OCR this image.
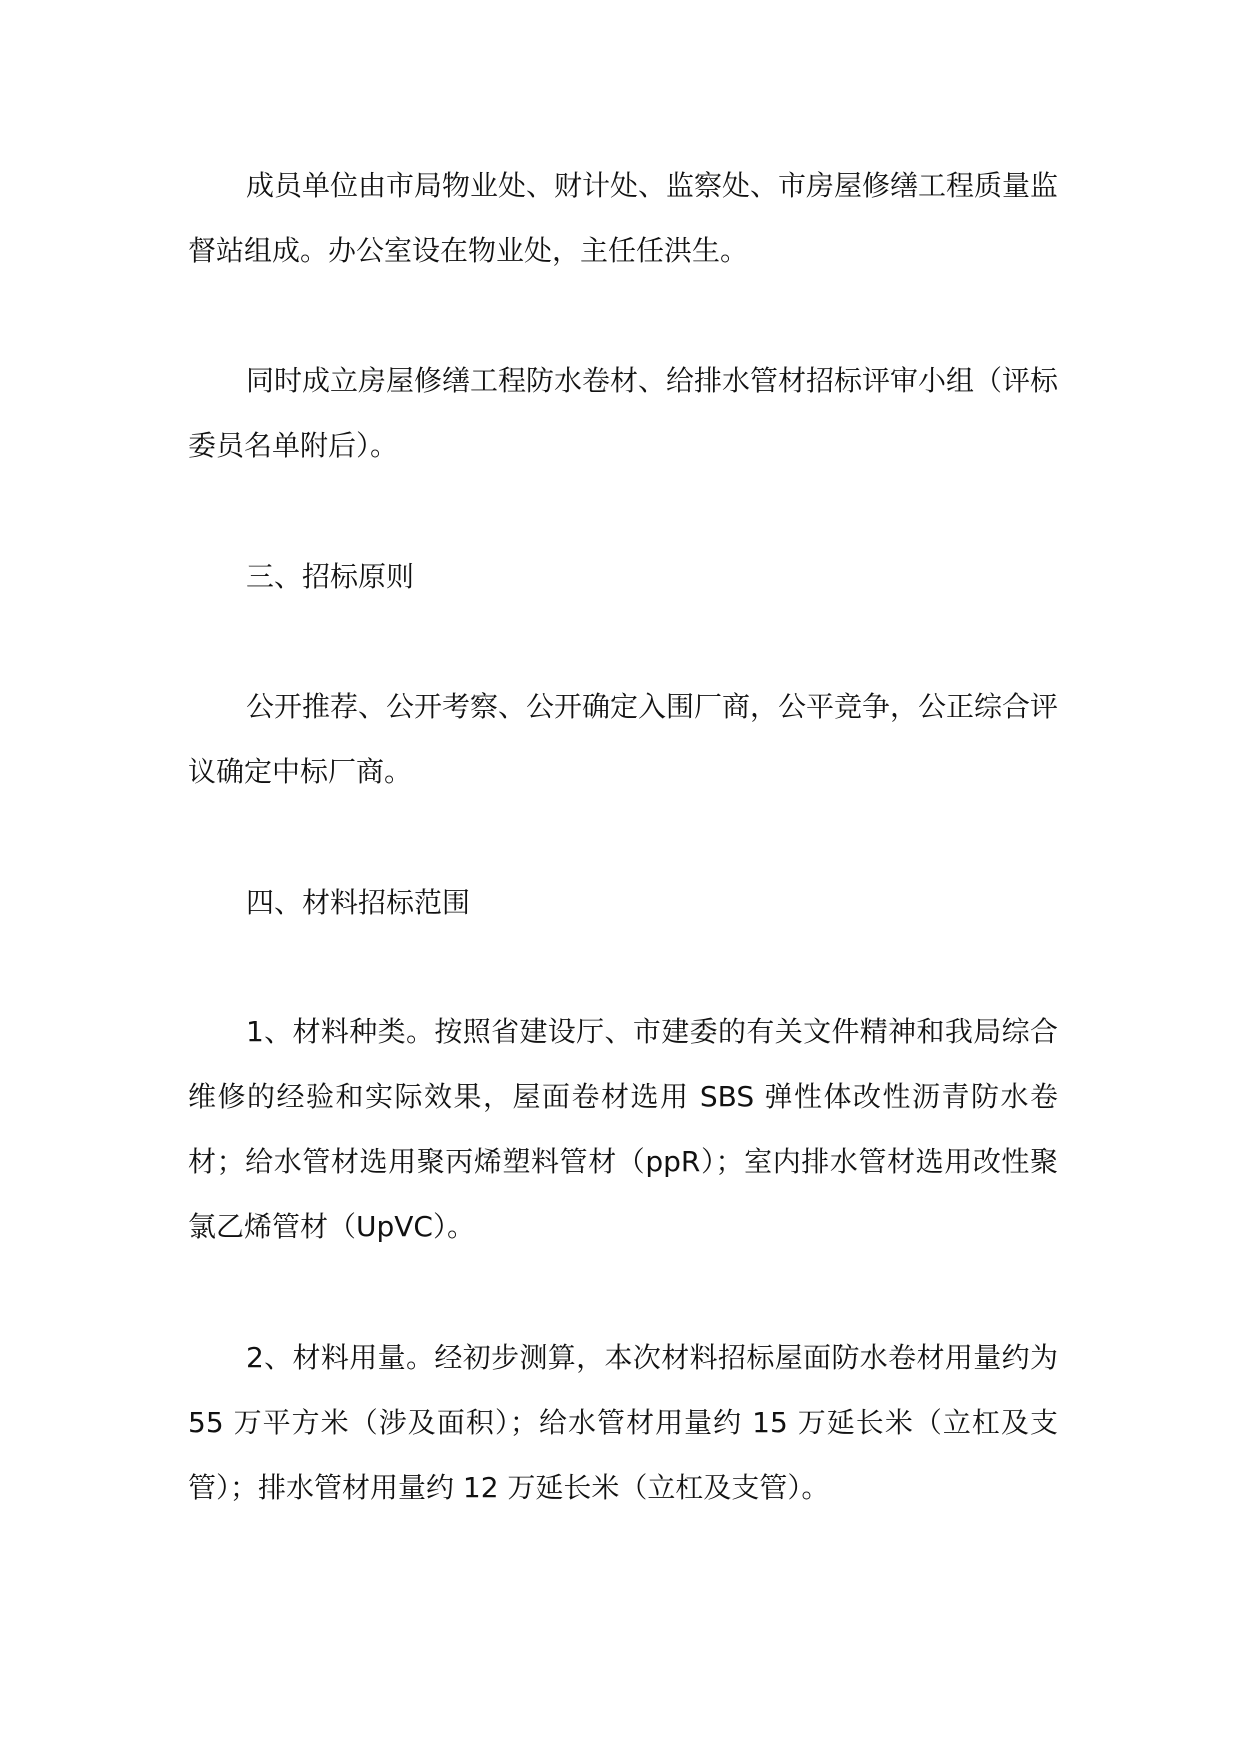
成员单位由市局物业处、财计处、监察处、市房屋修缮工程质量监督站组成。办公室设在物业处，主任任洪生。

同时成立房屋修缮工程防水卷材、给排水管材招标评审小组（评标委员名单附后）。

三、招标原则

公开推荐、公开考察、公开确定入围厂商，公平竞争，公正综合评议确定中标厂商。

四、材料招标范围

1、材料种类。按照省建设厅、市建委的有关文件精神和我局综合维修的经验和实际效果，屋面卷材选用 SBS 弹性体改性沥青防水卷材；给水管材选用聚丙烯塑料管材（ppR）；室内排水管材选用改性聚氯乙烯管材（UpVC）。

2、材料用量。经初步测算，本次材料招标屋面防水卷材用量约为 55 万平方米（涉及面积）；给水管材用量约 15 万延长米（立杠及支管）；排水管材用量约 12 万延长米（立杠及支管）。
